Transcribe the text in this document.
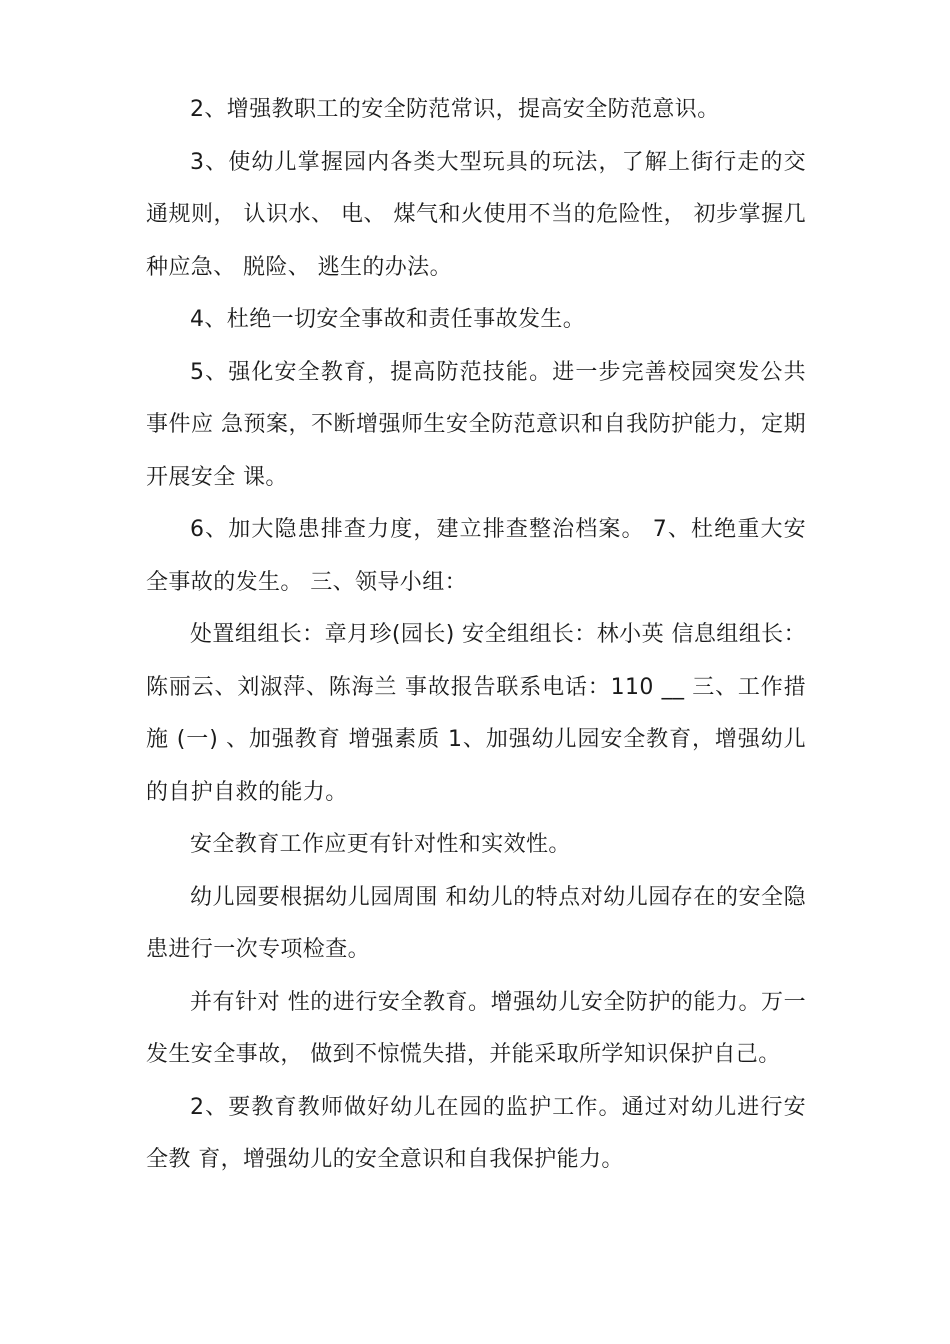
2、增强教职工的安全防范常识，提高安全防范意识。

3、使幼儿掌握园内各类大型玩具的玩法，了解上街行走的交通规则， 认识水、 电、 煤气和火使用不当的危险性， 初步掌握几种应急、 脱险、 逃生的办法。

4、杜绝一切安全事故和责任事故发生。

5、强化安全教育，提高防范技能。进一步完善校园突发公共事件应 急预案，不断增强师生安全防范意识和自我防护能力，定期开展安全 课。

6、加大隐患排查力度，建立排查整治档案。 7、杜绝重大安全事故的发生。 三、领导小组：

处置组组长：章月珍(园长) 安全组组长：林小英 信息组组长：陈丽云、刘淑萍、陈海兰 事故报告联系电话：110 __ 三、工作措施 (一) 、加强教育 增强素质 1、加强幼儿园安全教育，增强幼儿的自护自救的能力。

安全教育工作应更有针对性和实效性。

幼儿园要根据幼儿园周围 和幼儿的特点对幼儿园存在的安全隐患进行一次专项检查。

并有针对 性的进行安全教育。增强幼儿安全防护的能力。万一发生安全事故， 做到不惊慌失措，并能采取所学知识保护自己。

2、要教育教师做好幼儿在园的监护工作。通过对幼儿进行安全教 育，增强幼儿的安全意识和自我保护能力。
